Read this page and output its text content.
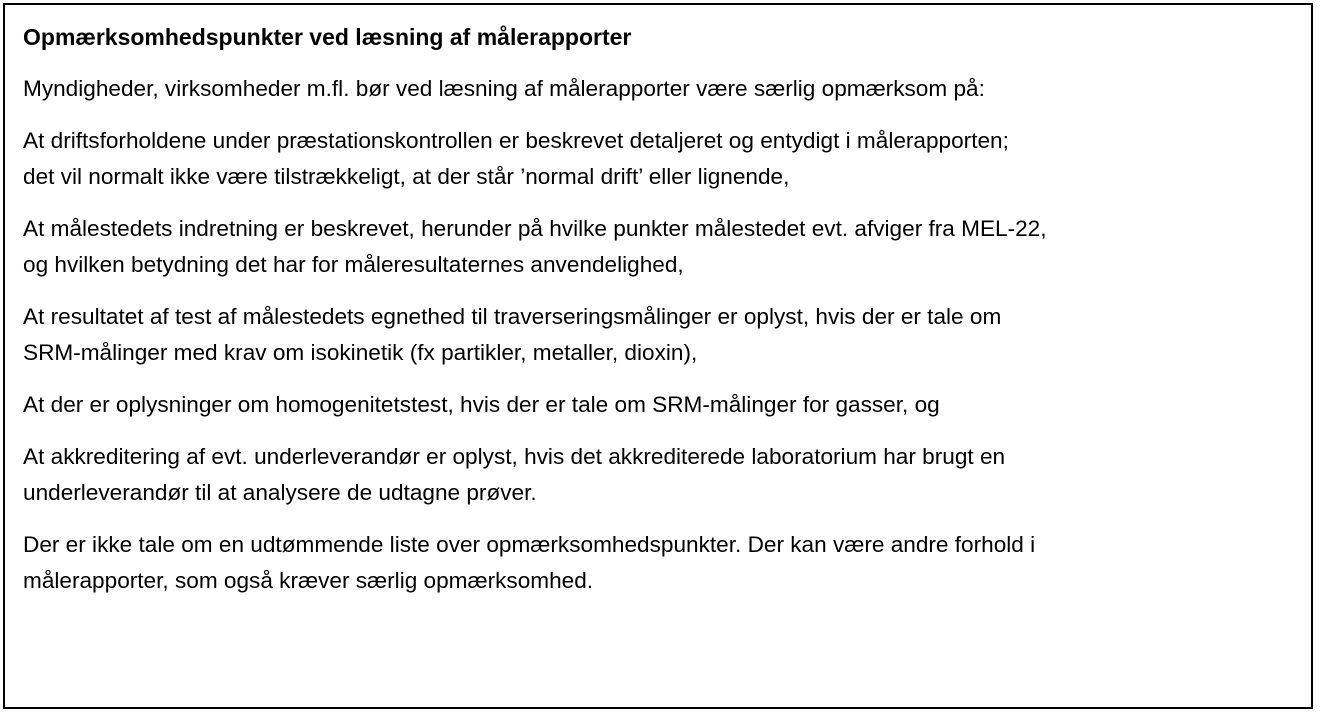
Opmærksomhedspunkter ved læsning af målerapporter

Myndigheder, virksomheder m.fl. bør ved læsning af målerapporter være særlig opmærksom på:

At driftsforholdene under præstationskontrollen er beskrevet detaljeret og entydigt i målerapporten;
det vil normalt ikke være tilstrækkeligt, at der står ’normal drift’ eller lignende,

At målestedets indretning er beskrevet, herunder på hvilke punkter målestedet evt. afviger fra MEL-22,
og hvilken betydning det har for måleresultaternes anvendelighed,

At resultatet af test af målestedets egnethed til traverseringsmålinger er oplyst, hvis der er tale om
SRM-målinger med krav om isokinetik (fx partikler, metaller, dioxin),

At der er oplysninger om homogenitetstest, hvis der er tale om SRM-målinger for gasser, og

At akkreditering af evt. underleverandør er oplyst, hvis det akkrediterede laboratorium har brugt en
underleverandør til at analysere de udtagne prøver.

Der er ikke tale om en udtømmende liste over opmærksomhedspunkter. Der kan være andre forhold i
målerapporter, som også kræver særlig opmærksomhed.
